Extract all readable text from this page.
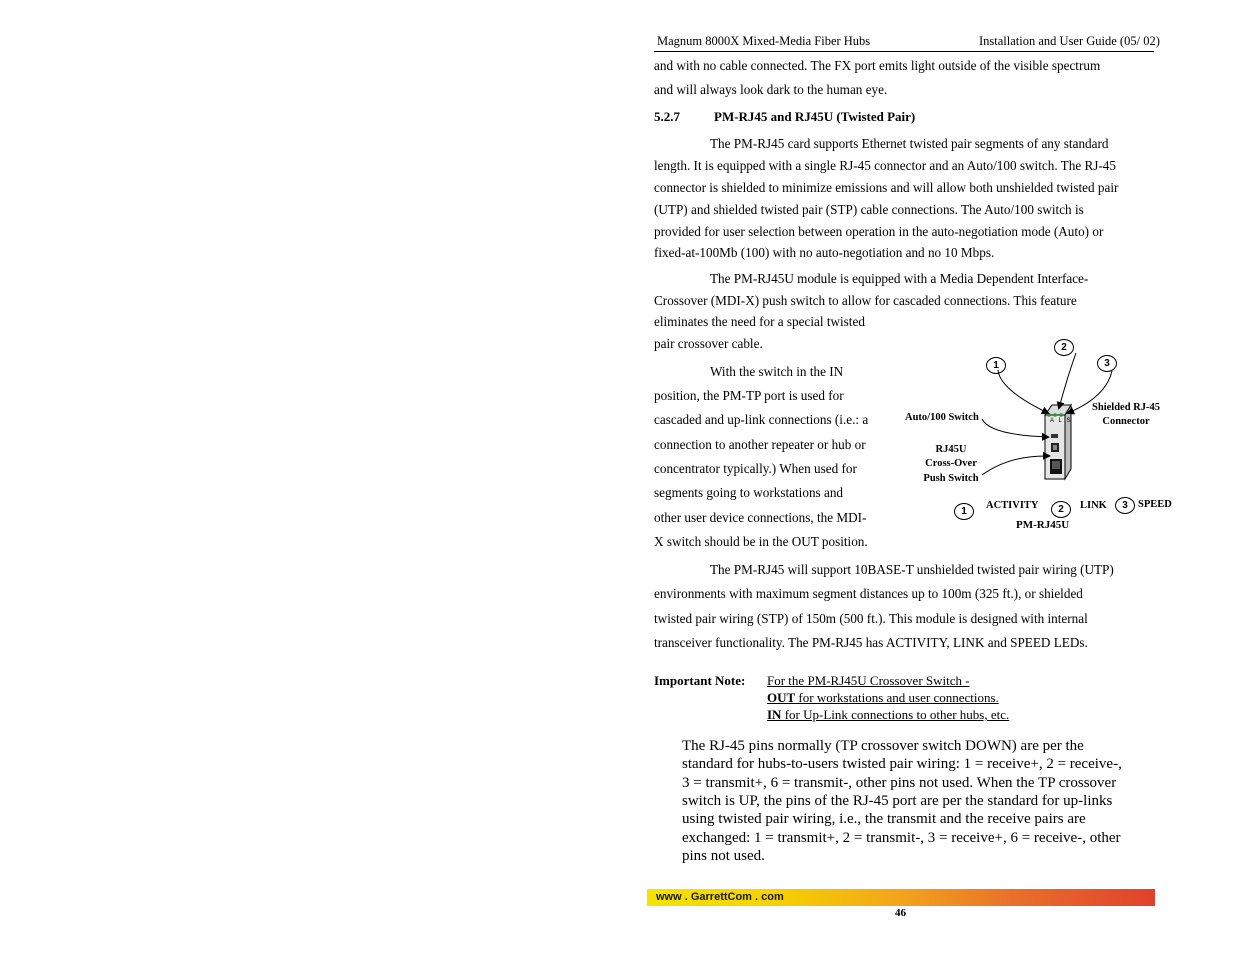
Magnum 8000X Mixed-Media Fiber Hubs	Installation and User Guide (05/ 02)
and with no cable connected. The FX port emits light outside of the visible spectrum
and will always look dark to the human eye.
5.2.7	PM-RJ45 and RJ45U (Twisted Pair)
The PM-RJ45 card supports Ethernet twisted pair segments of any standard
length. It is equipped with a single RJ-45 connector and an Auto/100 switch. The RJ-45
connector is shielded to minimize emissions and will allow both unshielded twisted pair
(UTP) and shielded twisted pair (STP) cable connections. The Auto/100 switch is
provided for user selection between operation in the auto-negotiation mode (Auto) or
fixed-at-100Mb (100) with no auto-negotiation and no 10 Mbps.
The PM-RJ45U module is equipped with a Media Dependent Interface-
Crossover (MDI-X) push switch to allow for cascaded connections. This feature
eliminates the need for a special twisted
pair crossover cable.
With the switch in the IN
position, the PM-TP port is used for
cascaded and up-link connections (i.e.: a
connection to another repeater or hub or
concentrator typically.) When used for
segments going to workstations and
other user device connections, the MDI-
X switch should be in the OUT position.
A  L  S
1
2
3
Auto/100 Switch
Shielded RJ-45
Connector
RJ45U
Cross-Over
Push Switch
1
ACTIVITY	2	LINK	3 SPEED
PM-RJ45U
The PM-RJ45 will support 10BASE-T unshielded twisted pair wiring (UTP)
environments with maximum segment distances up to 100m (325 ft.), or shielded
twisted pair wiring (STP) of 150m (500 ft.). This module is designed with internal
transceiver functionality. The PM-RJ45 has ACTIVITY, LINK and SPEED LEDs.
Important Note: For the PM-RJ45U Crossover Switch -
OUT for workstations and user connections.
IN for Up-Link connections to other hubs, etc.
The RJ-45 pins normally (TP crossover switch DOWN) are per the
standard for hubs-to-users twisted pair wiring: 1 = receive+, 2 = receive-,
3 = transmit+, 6 = transmit-, other pins not used. When the TP crossover
switch is UP, the pins of the RJ-45 port are per the standard for up-links
using twisted pair wiring, i.e., the transmit and the receive pairs are
exchanged: 1 = transmit+, 2 = transmit-, 3 = receive+, 6 = receive-, other
pins not used.
www . GarrettCom . com
46
